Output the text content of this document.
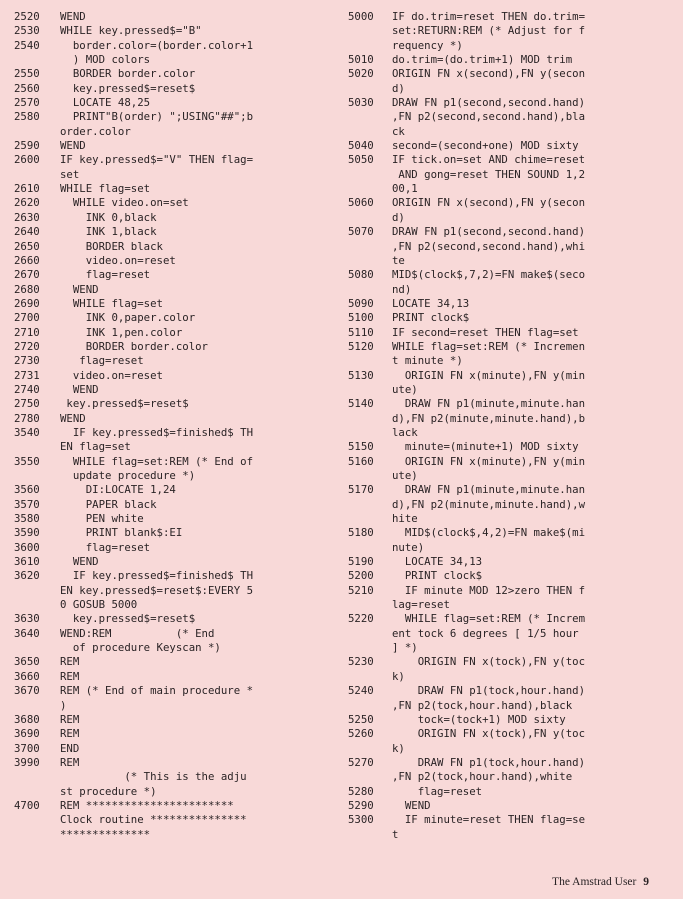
2520	WEND
2530	WHILE key.pressed$="B"
2540	border.color=(border.color+1
) MOD colors
2550	BORDER border.color
2560	key.pressed$=reset$
2570	LOCATE 48,25
2580	PRINT"B(order) ";USING"##";b
order.color
2590	WEND
2600	IF key.pressed$="V" THEN flag=
set
2610	WHILE flag=set
2620	WHILE video.on=set
2630	INK 0,black
2640	INK 1,black
2650	BORDER black
2660	video.on=reset
2670	flag=reset
2680	WEND
2690	WHILE flag=set
2700	INK 0,paper.color
2710	INK 1,pen.color
2720	BORDER border.color
2730	flag=reset
2731	video.on=reset
2740	WEND
2750	key.pressed$=reset$
2780	WEND
3540	IF key.pressed$=finished$ TH
EN flag=set
3550	WHILE flag=set:REM (* End of
update procedure *)
3560	DI:LOCATE 1,24
3570	PAPER black
3580	PEN white
3590	PRINT blank$:EI
3600	flag=reset
3610	WEND
3620	IF key.pressed$=finished$ TH
EN key.pressed$=reset$:EVERY 5
0 GOSUB 5000
3630	key.pressed$=reset$
3640	WEND:REM          (* End
of procedure Keyscan *)
3650	REM
3660	REM
3670	REM (* End of main procedure *
)
3680	REM
3690	REM
3700	END
3990	REM
(* This is the adju
st procedure *)
4700	REM ***********************
Clock routine ***************
**************
5000	IF do.trim=reset THEN do.trim=
set:RETURN:REM (* Adjust for f
requency *)
5010	do.trim=(do.trim+1) MOD trim
5020	ORIGIN FN x(second),FN y(secon
d)
5030	DRAW FN p1(second,second.hand)
,FN p2(second,second.hand),bla
ck
5040	second=(second+one) MOD sixty
5050	IF tick.on=set AND chime=reset
AND gong=reset THEN SOUND 1,2
00,1
5060	ORIGIN FN x(second),FN y(secon
d)
5070	DRAW FN p1(second,second.hand)
,FN p2(second,second.hand),whi
te
5080	MID$(clock$,7,2)=FN make$(seco
nd)
5090	LOCATE 34,13
5100	PRINT clock$
5110	IF second=reset THEN flag=set
5120	WHILE flag=set:REM (* Incremen
t minute *)
5130	ORIGIN FN x(minute),FN y(min
ute)
5140	DRAW FN p1(minute,minute.han
d),FN p2(minute,minute.hand),b
lack
5150	minute=(minute+1) MOD sixty
5160	ORIGIN FN x(minute),FN y(min
ute)
5170	DRAW FN p1(minute,minute.han
d),FN p2(minute,minute.hand),w
hite
5180	MID$(clock$,4,2)=FN make$(mi
nute)
5190	LOCATE 34,13
5200	PRINT clock$
5210	IF minute MOD 12>zero THEN f
lag=reset
5220	WHILE flag=set:REM (* Increm
ent tock 6 degrees [ 1/5 hour
] *)
5230	ORIGIN FN x(tock),FN y(toc
k)
5240	DRAW FN p1(tock,hour.hand)
,FN p2(tock,hour.hand),black
5250	tock=(tock+1) MOD sixty
5260	ORIGIN FN x(tock),FN y(toc
k)
5270	DRAW FN p1(tock,hour.hand)
,FN p2(tock,hour.hand),white
5280	flag=reset
5290	WEND
5300	IF minute=reset THEN flag=se
t
The Amstrad User 9
